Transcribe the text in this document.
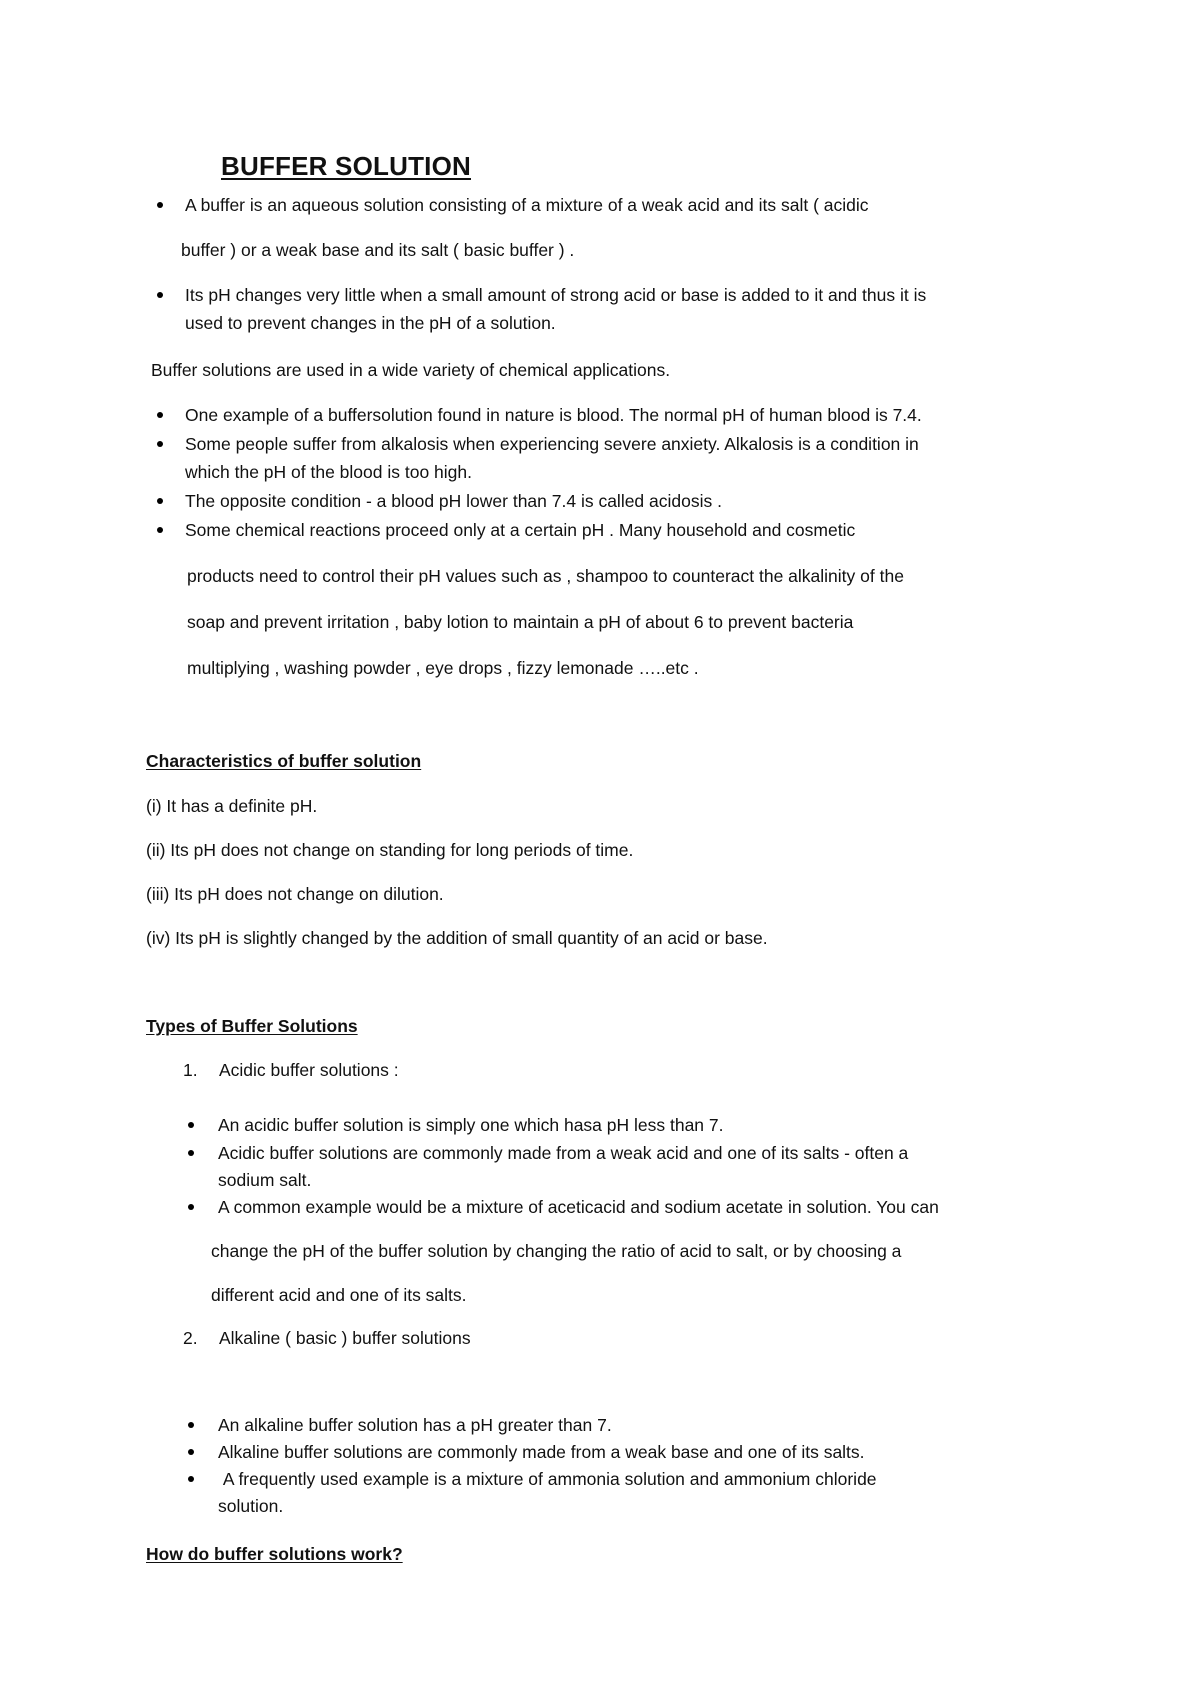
BUFFER SOLUTION
A buffer is an aqueous solution consisting of a mixture of a weak acid and its salt ( acidic
buffer ) or a weak base and its salt ( basic buffer ) .
Its pH changes very little when a small amount of strong acid or base is added to it and thus it is
used to prevent changes in the pH of a solution.
Buffer solutions are used in a wide variety of chemical applications.
One example of a buffersolution found in nature is blood. The normal pH of human blood is 7.4.
Some people suffer from alkalosis when experiencing severe anxiety. Alkalosis is a condition in
which the pH of the blood is too high.
The opposite condition - a blood pH lower than 7.4 is called acidosis .
Some chemical reactions proceed only at a certain pH . Many household and cosmetic
products need to control their pH values such as , shampoo to counteract the alkalinity of the
soap and prevent irritation , baby lotion to maintain a pH of about 6 to prevent bacteria
multiplying , washing powder , eye drops , fizzy lemonade …..etc .
Characteristics of buffer solution
(i) It has a definite pH.
(ii) Its pH does not change on standing for long periods of time.
(iii) Its pH does not change on dilution.
(iv) Its pH is slightly changed by the addition of small quantity of an acid or base.
Types of Buffer Solutions
1. Acidic buffer solutions :
An acidic buffer solution is simply one which hasa pH less than 7.
Acidic buffer solutions are commonly made from a weak acid and one of its salts - often a
sodium salt.
A common example would be a mixture of aceticacid and sodium acetate in solution. You can
change the pH of the buffer solution by changing the ratio of acid to salt, or by choosing a
different acid and one of its salts.
2. Alkaline ( basic ) buffer solutions
An alkaline buffer solution has a pH greater than 7.
Alkaline buffer solutions are commonly made from a weak base and one of its salts.
A frequently used example is a mixture of ammonia solution and ammonium chloride
solution.
How do buffer solutions work?
